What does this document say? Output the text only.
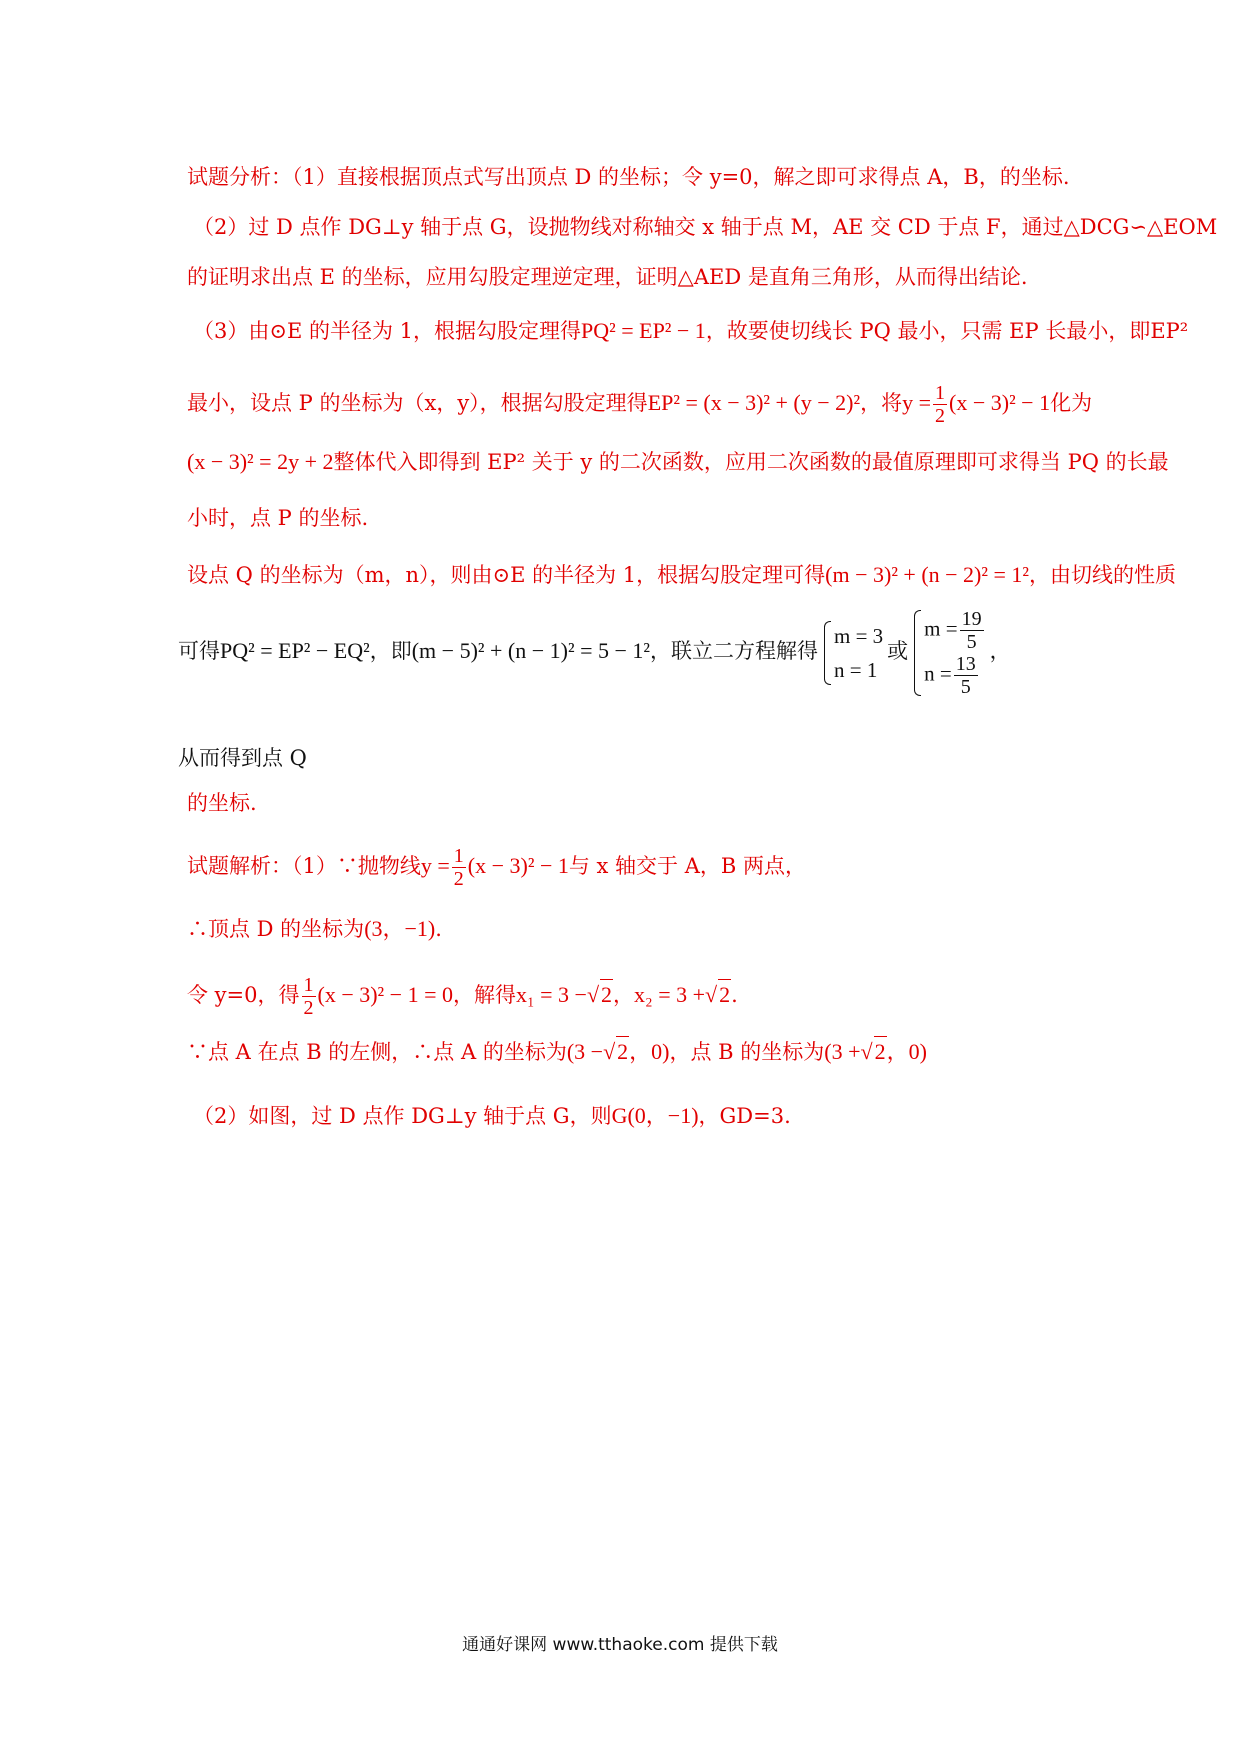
试题分析：（1）直接根据顶点式写出顶点 D 的坐标；令 y=0，解之即可求得点 A，B，的坐标.
（2）过 D 点作 DG⊥y 轴于点 G，设抛物线对称轴交 x 轴于点 M，AE 交 CD 于点 F，通过△DCG∽△EOM
的证明求出点 E 的坐标，应用勾股定理逆定理，证明△AED 是直角三角形，从而得出结论.
（3）由⊙E 的半径为 1，根据勾股定理得PQ² = EP² − 1，故要使切线长 PQ 最小，只需 EP 长最小，即EP²
最小，设点 P 的坐标为（x，y），根据勾股定理得EP² = (x − 3)² + (y − 2)²，将$y = \frac{1}{2} (x - 3)^2 - 1$化为
(x − 3)² = 2y + 2整体代入即得到 EP² 关于 y 的二次函数，应用二次函数的最值原理即可求得当 PQ 的长最
小时，点 P 的坐标.
设点 Q 的坐标为（m，n），则由⊙E 的半径为 1，根据勾股定理可得(m − 3)² + (n − 2)² = 1²，由切线的性质
可得PQ² = EP² − EQ²，即(m − 5)² + (n − 1)² = 5 − 1²，联立二方程解得
m = 3
n = 1
或
$m = \frac{19}{5}$
$n = \frac{13}{5}$
，
从而得到点 Q
的坐标.
试题解析：（1）∵抛物线$y = \frac{1}{2} (x - 3)^2 - 1$与 x 轴交于 A，B 两点，
∴顶点 D 的坐标为(3，−1).
令 y=0，得 $\frac{1}{2} (x - 3)^2 - 1 = 0$，解得x₁ = 3 −√2，x₂ = 3 +√2.
∵点 A 在点 B 的左侧，∴点 A 的坐标为(3 −√2，0)，点 B 的坐标为(3 +√2，0)
（2）如图，过 D 点作 DG⊥y 轴于点 G，则G(0，−1)，GD=3.
通通好课网 www.tthaoke.com 提供下载
